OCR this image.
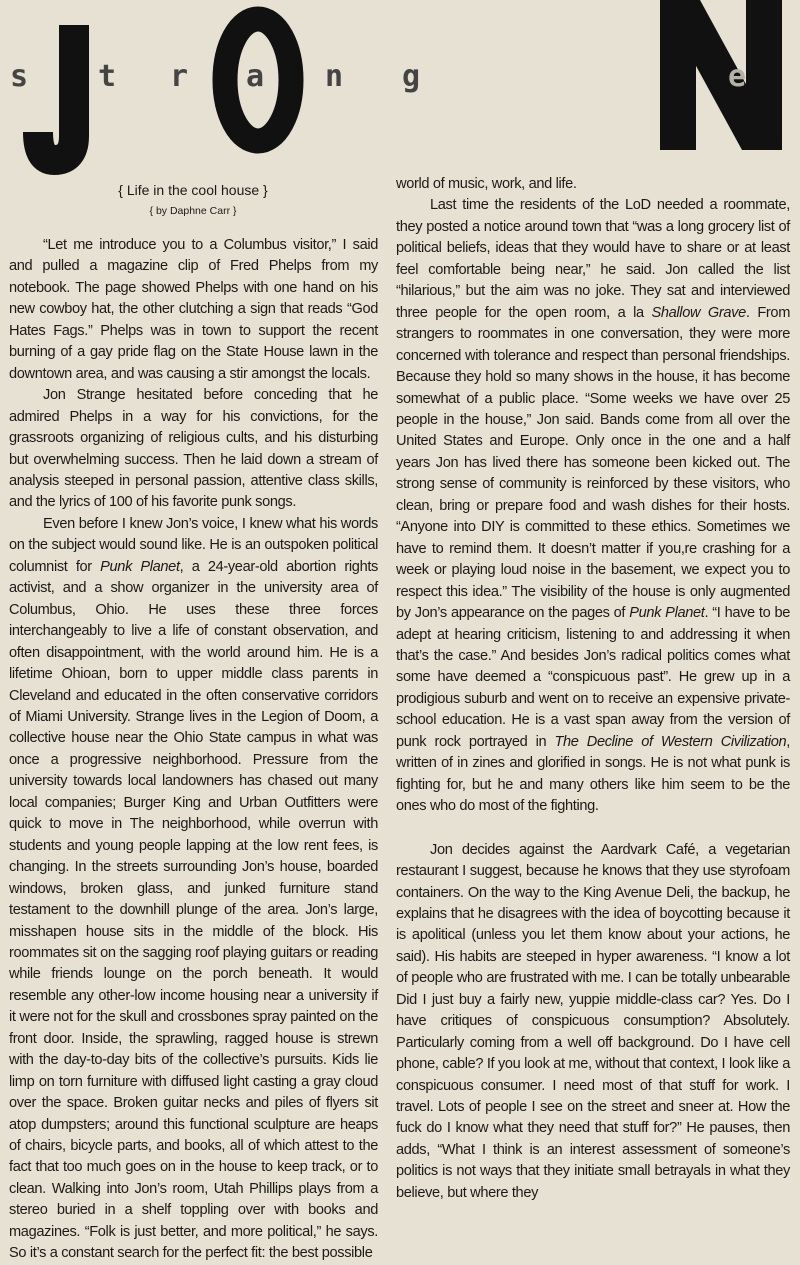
s t r a n g	e
{ Life in the cool house }
{ by Daphne Carr }

“Let me introduce you to a Columbus visitor,” I said and pulled a magazine clip of Fred Phelps from my notebook. The page showed Phelps with one hand on his new cowboy hat, the other clutching a sign that reads “God Hates Fags.” Phelps was in town to support the recent burning of a gay pride flag on the State House lawn in the downtown area, and was causing a stir amongst the locals.

Jon Strange hesitated before conceding that he admired Phelps in a way for his convictions, for the grassroots organizing of religious cults, and his disturbing but overwhelming success. Then he laid down a stream of analysis steeped in personal passion, attentive class skills, and the lyrics of 100 of his favorite punk songs.

Even before I knew Jon’s voice, I knew what his words on the subject would sound like. He is an outspoken political columnist for Punk Planet, a 24-year-old abortion rights activist, and a show organizer in the university area of Columbus, Ohio. He uses these three forces interchangeably to live a life of constant observation, and often disappointment, with the world around him. He is a lifetime Ohioan, born to upper middle class parents in Cleveland and educated in the often conservative corridors of Miami University. Strange lives in the Legion of Doom, a collective house near the Ohio State campus in what was once a progressive neighborhood. Pressure from the university towards local landowners has chased out many local companies; Burger King and Urban Outfitters were quick to move in The neighborhood, while overrun with students and young people lapping at the low rent fees, is changing. In the streets surrounding Jon’s house, boarded windows, broken glass, and junked furniture stand testament to the downhill plunge of the area. Jon’s large, misshapen house sits in the middle of the block. His roommates sit on the sagging roof playing guitars or reading while friends lounge on the porch beneath. It would resemble any other-low income housing near a university if it were not for the skull and crossbones spray painted on the front door. Inside, the sprawling, ragged house is strewn with the day-to-day bits of the collective’s pursuits. Kids lie limp on torn furniture with diffused light casting a gray cloud over the space. Broken guitar necks and piles of flyers sit atop dumpsters; around this functional sculpture are heaps of chairs, bicycle parts, and books, all of which attest to the fact that too much goes on in the house to keep track, or to clean. Walking into Jon’s room, Utah Phillips plays from a stereo buried in a shelf toppling over with books and magazines. “Folk is just better, and more political,” he says. So it’s a constant search for the perfect fit: the best possible

world of music, work, and life.

Last time the residents of the LoD needed a roommate, they posted a notice around town that “was a long grocery list of political beliefs, ideas that they would have to share or at least feel comfortable being near,” he said. Jon called the list “hilarious,” but the aim was no joke. They sat and interviewed three people for the open room, a la Shallow Grave. From strangers to roommates in one conversation, they were more concerned with tolerance and respect than personal friendships. Because they hold so many shows in the house, it has become somewhat of a public place. “Some weeks we have over 25 people in the house,” Jon said. Bands come from all over the United States and Europe. Only once in the one and a half years Jon has lived there has someone been kicked out. The strong sense of community is reinforced by these visitors, who clean, bring or prepare food and wash dishes for their hosts. “Anyone into DIY is committed to these ethics. Sometimes we have to remind them. It doesn’t matter if you,re crashing for a week or playing loud noise in the basement, we expect you to respect this idea.” The visibility of the house is only augmented by Jon’s appearance on the pages of Punk Planet. “I have to be adept at hearing criticism, listening to and addressing it when that’s the case.” And besides Jon’s radical politics comes what some have deemed a “conspicuous past”. He grew up in a prodigious suburb and went on to receive an expensive private-school education. He is a vast span away from the version of punk rock portrayed in The Decline of Western Civilization, written of in zines and glorified in songs. He is not what punk is fighting for, but he and many others like him seem to be the ones who do most of the fighting.

Jon decides against the Aardvark Café, a vegetarian restaurant I suggest, because he knows that they use styrofoam containers. On the way to the King Avenue Deli, the backup, he explains that he disagrees with the idea of boycotting because it is apolitical (unless you let them know about your actions, he said). His habits are steeped in hyper awareness. “I know a lot of people who are frustrated with me. I can be totally unbearable Did I just buy a fairly new, yuppie middle-class car? Yes. Do I have critiques of conspicuous consumption? Absolutely. Particularly coming from a well off background. Do I have cell phone, cable? If you look at me, without that context, I look like a conspicuous consumer. I need most of that stuff for work. I travel. Lots of people I see on the street and sneer at. How the fuck do I know what they need that stuff for?” He pauses, then adds, “What I think is an interest assessment of someone’s politics is not ways that they initiate small betrayals in what they believe, but where they
